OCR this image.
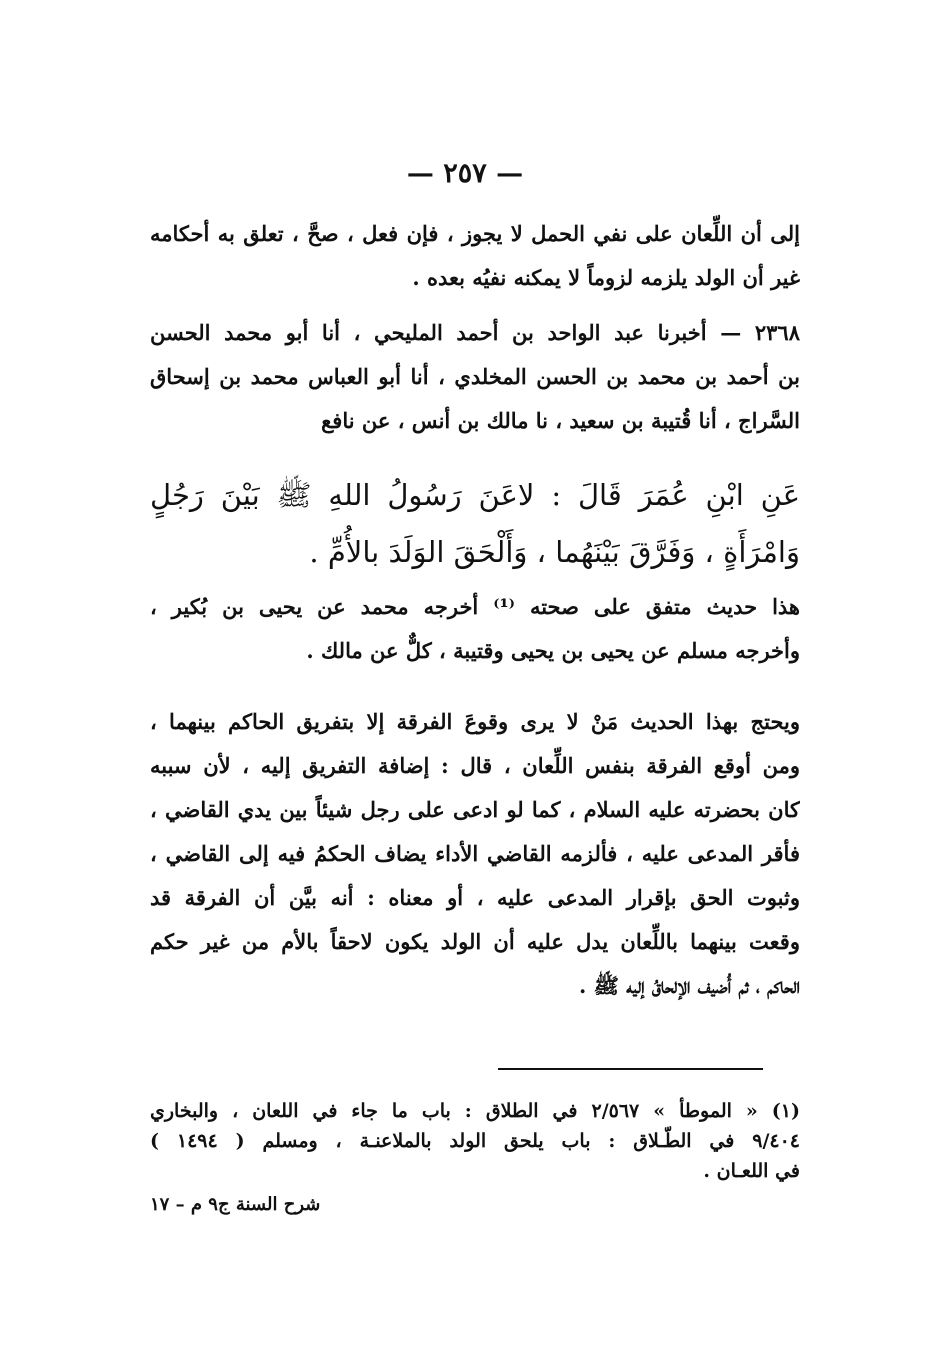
— ٢٥٧ —
إلى أن اللِّعان على نفي الحمل لا يجوز ، فإن فعل ، صحَّ ، تعلق به أحكامه
غير أن الولد يلزمه لزوماً لا يمكنه نفيُه بعده .
٢٣٦٨ — أخبرنا عبد الواحد بن أحمد المليحي ، أنا أبو محمد الحسن
بن أحمد بن محمد بن الحسن المخلدي ، أنا أبو العباس محمد بن إسحاق
السَّراج ، أنا قُتيبة بن سعيد ، نا مالك بن أنس ، عن نافع
عَنِ ابْنِ عُمَرَ قَالَ : لاعَنَ رَسُولُ اللهِ ﷺ بَيْنَ رَجُلٍ
وَامْرَأَةٍ ، وَفَرَّقَ بَيْنَهُما ، وَأَلْحَقَ الوَلَدَ بالأُمِّ .
هذا حديث متفق على صحته ⁽¹⁾ أخرجه محمد عن يحيى بن بُكير ،
وأخرجه مسلم عن يحيى بن يحيى وقتيبة ، كلٌّ عن مالك .
ويحتج بهذا الحديث مَنْ لا يرى وقوعَ الفرقة إلا بتفريق الحاكم بينهما ،
ومن أوقع الفرقة بنفس اللِّعان ، قال : إضافة التفريق إليه ، لأن سببه
كان بحضرته عليه السلام ، كما لو ادعى على رجل شيئاً بين يدي القاضي ،
فأقر المدعى عليه ، فألزمه القاضي الأداء يضاف الحكمُ فيه إلى القاضي ،
وثبوت الحق بإقرار المدعى عليه ، أو معناه : أنه بيَّن أن الفرقة قد
وقعت بينهما باللِّعان يدل عليه أن الولد يكون لاحقاً بالأم من غير حكم
الحاكم ، ثم أُضيف الإلحاقُ إليه ﷺ .
(١) « الموطأ » ٢/٥٦٧ في الطلاق : باب ما جاء في اللعان ، والبخاري
٩/٤٠٤ في الطّـلاق : باب يلحق الولد بالملاعنـة ، ومسلم ( ١٤٩٤ )
في اللعـان .
شرح السنة ج٩ م – ١٧
